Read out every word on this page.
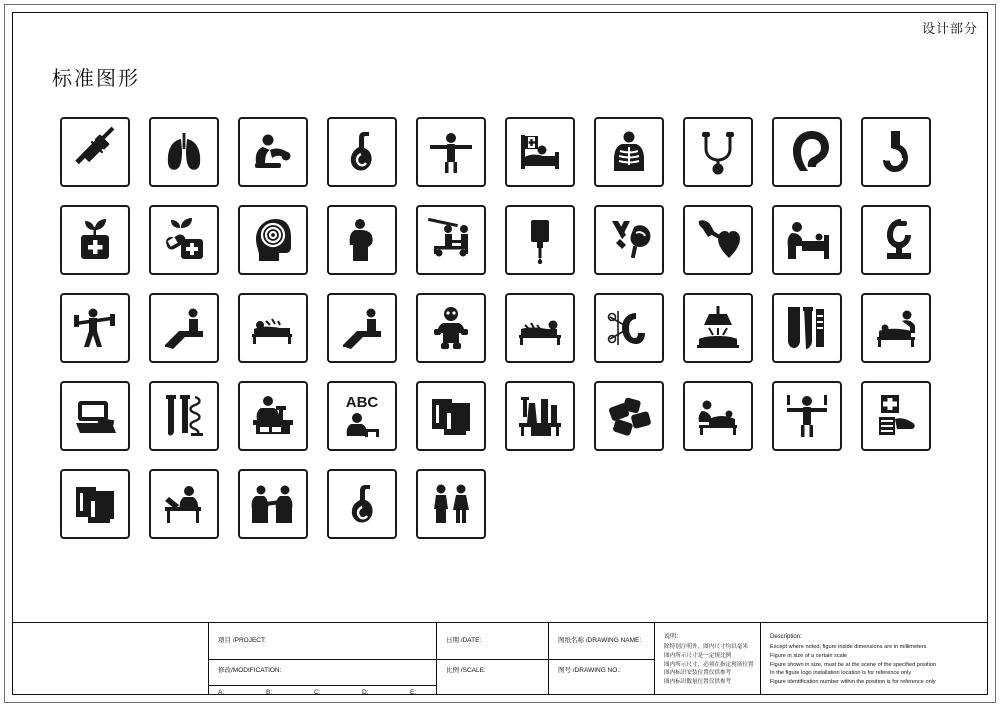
设计部分
标准图形
ABC
项目 /PROJECT:
修改/MODIFICATION:
A:	B:	C:	D:	E:
日期 /DATE:
比例 /SCALE:
图纸名称 /DRAWING NAME:
图号 /DRAWING NO.:
说明：
除特别注明外，图内尺寸均以毫米
图内所示尺寸是一定规比例
图内所示尺寸，必须在指定现场位置
图内标识安装位置仅供参考
图内标识数量位置仅供参考
Description:
Except where noted, figure inside dimensions are in millimeters
Figure in size of a certain scale
Figure shown in size, must be at the scene of the specified position
In the figure logo installation location is for reference only
Figure identification number within the position is for reference only
